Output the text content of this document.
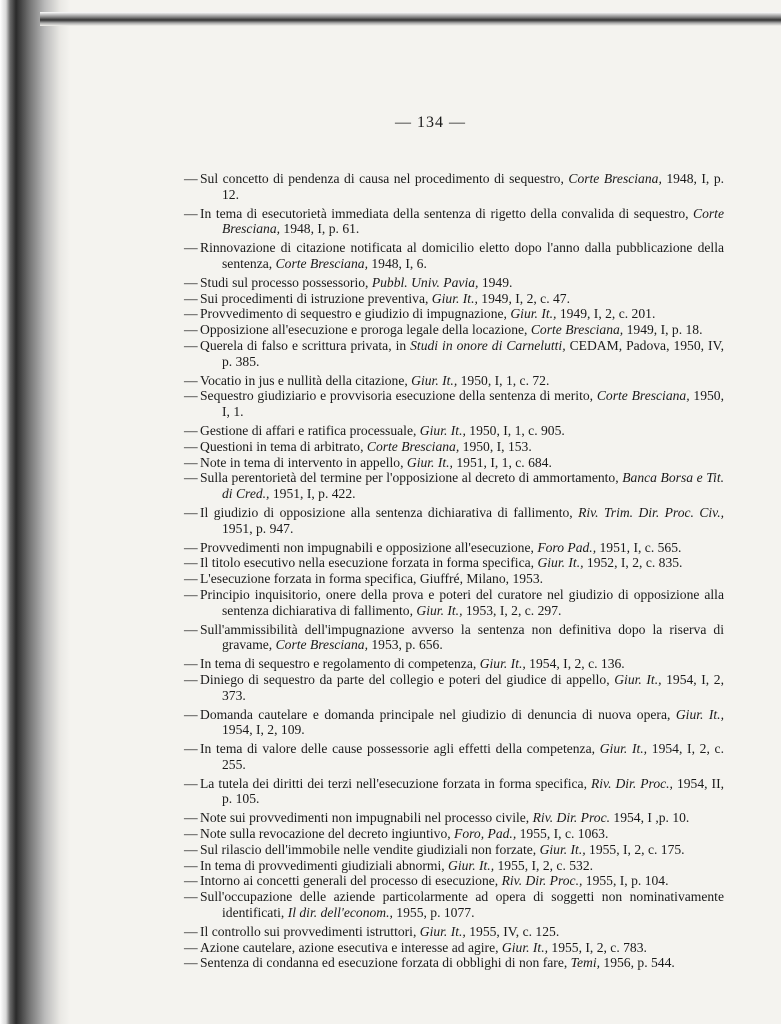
— 134 —
— Sul concetto di pendenza di causa nel procedimento di sequestro, Corte Bresciana, 1948, I, p. 12.
— In tema di esecutorietà immediata della sentenza di rigetto della convalida di sequestro, Corte Bresciana, 1948, I, p. 61.
— Rinnovazione di citazione notificata al domicilio eletto dopo l'anno dalla pubblicazione della sentenza, Corte Bresciana, 1948, I, 6.
— Studi sul processo possessorio, Pubbl. Univ. Pavia, 1949.
— Sui procedimenti di istruzione preventiva, Giur. It., 1949, I, 2, c. 47.
— Provvedimento di sequestro e giudizio di impugnazione, Giur. It., 1949, I, 2, c. 201.
— Opposizione all'esecuzione e proroga legale della locazione, Corte Bresciana, 1949, I, p. 18.
— Querela di falso e scrittura privata, in Studi in onore di Carnelutti, CEDAM, Padova, 1950, IV, p. 385.
— Vocatio in jus e nullità della citazione, Giur. It., 1950, I, 1, c. 72.
— Sequestro giudiziario e provvisoria esecuzione della sentenza di merito, Corte Bresciana, 1950, I, 1.
— Gestione di affari e ratifica processuale, Giur. It., 1950, I, 1, c. 905.
— Questioni in tema di arbitrato, Corte Bresciana, 1950, I, 153.
— Note in tema di intervento in appello, Giur. It., 1951, I, 1, c. 684.
— Sulla perentorietà del termine per l'opposizione al decreto di ammortamento, Banca Borsa e Tit. di Cred., 1951, I, p. 422.
— Il giudizio di opposizione alla sentenza dichiarativa di fallimento, Riv. Trim. Dir. Proc. Civ., 1951, p. 947.
— Provvedimenti non impugnabili e opposizione all'esecuzione, Foro Pad., 1951, I, c. 565.
— Il titolo esecutivo nella esecuzione forzata in forma specifica, Giur. It., 1952, I, 2, c. 835.
— L'esecuzione forzata in forma specifica, Giuffré, Milano, 1953.
— Principio inquisitorio, onere della prova e poteri del curatore nel giudizio di opposizione alla sentenza dichiarativa di fallimento, Giur. It., 1953, I, 2, c. 297.
— Sull'ammissibilità dell'impugnazione avverso la sentenza non definitiva dopo la riserva di gravame, Corte Bresciana, 1953, p. 656.
— In tema di sequestro e regolamento di competenza, Giur. It., 1954, I, 2, c. 136.
— Diniego di sequestro da parte del collegio e poteri del giudice di appello, Giur. It., 1954, I, 2, 373.
— Domanda cautelare e domanda principale nel giudizio di denuncia di nuova opera, Giur. It., 1954, I, 2, 109.
— In tema di valore delle cause possessorie agli effetti della competenza, Giur. It., 1954, I, 2, c. 255.
— La tutela dei diritti dei terzi nell'esecuzione forzata in forma specifica, Riv. Dir. Proc., 1954, II, p. 105.
— Note sui provvedimenti non impugnabili nel processo civile, Riv. Dir. Proc. 1954, I ,p. 10.
— Note sulla revocazione del decreto ingiuntivo, Foro, Pad., 1955, I, c. 1063.
— Sul rilascio dell'immobile nelle vendite giudiziali non forzate, Giur. It., 1955, I, 2, c. 175.
— In tema di provvedimenti giudiziali abnormi, Giur. It., 1955, I, 2, c. 532.
— Intorno ai concetti generali del processo di esecuzione, Riv. Dir. Proc., 1955, I, p. 104.
— Sull'occupazione delle aziende particolarmente ad opera di soggetti non nominativamente identificati, Il dir. dell'econom., 1955, p. 1077.
— Il controllo sui provvedimenti istruttori, Giur. It., 1955, IV, c. 125.
— Azione cautelare, azione esecutiva e interesse ad agire, Giur. It., 1955, I, 2, c. 783.
— Sentenza di condanna ed esecuzione forzata di obblighi di non fare, Temi, 1956, p. 544.
